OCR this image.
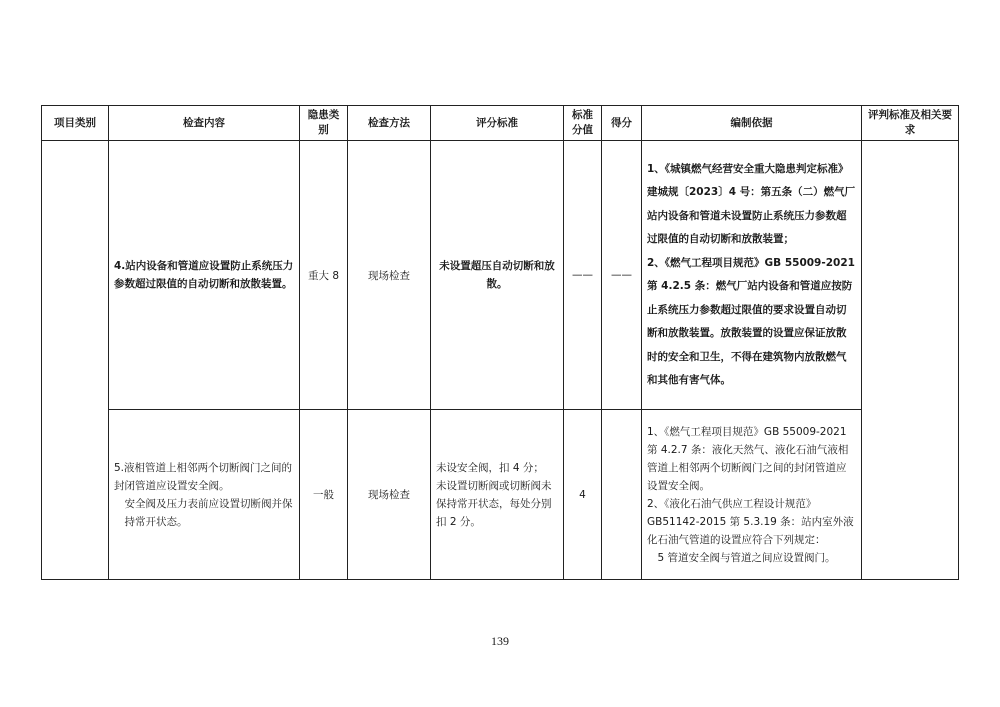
项目类别	检查内容	隐患类别	检查方法	评分标准	标准分值	得分	编制依据	评判标准及相关要求
	4.站内设备和管道应设置防止系统压力参数超过限值的自动切断和放散装置。	重大 8	现场检查	未设置超压自动切断和放散。	——	——	1、《城镇燃气经营安全重大隐患判定标准》建城规〔2023〕4 号：第五条（二）燃气厂站内设备和管道未设置防止系统压力参数超过限值的自动切断和放散装置；
2、《燃气工程项目规范》GB 55009-2021 第 4.2.5 条：燃气厂站内设备和管道应按防止系统压力参数超过限值的要求设置自动切断和放散装置。放散装置的设置应保证放散时的安全和卫生，不得在建筑物内放散燃气和其他有害气体。	
	5.液相管道上相邻两个切断阀门之间的封闭管道应设置安全阀。

安全阀及压力表前应设置切断阀并保持常开状态。	一般	现场检查	未设安全阀，扣 4 分；
未设置切断阀或切断阀未保持常开状态，每处分别扣 2 分。	4		1、《燃气工程项目规范》GB 55009-2021 第 4.2.7 条：液化天然气、液化石油气液相管道上相邻两个切断阀门之间的封闭管道应设置安全阀。
2、《液化石油气供应工程设计规范》GB51142-2015 第 5.3.19 条：站内室外液化石油气管道的设置应符合下列规定：

5 管道安全阀与管道之间应设置阀门。	
139
